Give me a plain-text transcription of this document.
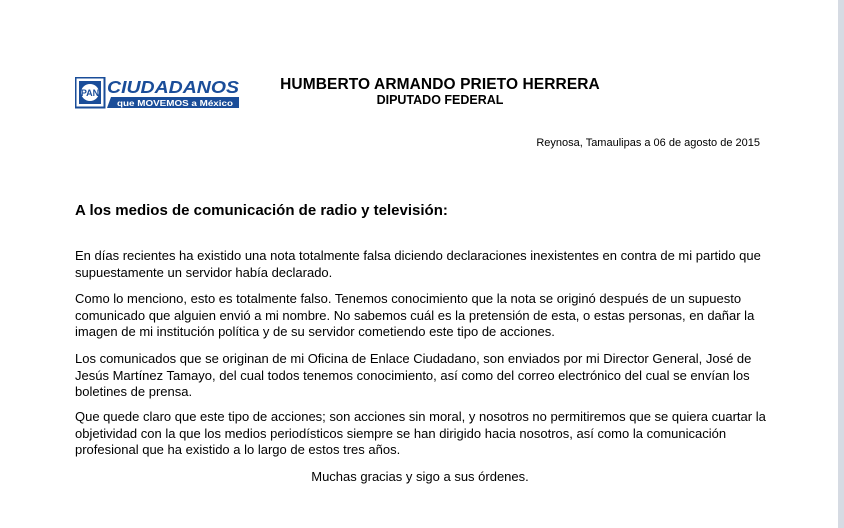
PAN CIUDADANOS
que MOVEMOS a México
HUMBERTO ARMANDO PRIETO HERRERA
DIPUTADO FEDERAL
Reynosa, Tamaulipas a 06 de agosto de 2015
A los medios de comunicación de radio y televisión:

En días recientes ha existido una nota totalmente falsa diciendo declaraciones inexistentes en contra de mi partido que supuestamente un servidor había declarado.

Como lo menciono, esto es totalmente falso. Tenemos conocimiento que la nota se originó después de un supuesto comunicado que alguien envió a mi nombre. No sabemos cuál es la pretensión de esta, o estas personas, en dañar la imagen de mi institución política y de su servidor cometiendo este tipo de acciones.

Los comunicados que se originan de mi Oficina de Enlace Ciudadano, son enviados por mi Director General, José de Jesús Martínez Tamayo, del cual todos tenemos conocimiento, así como del correo electrónico del cual se envían los boletines de prensa.

Que quede claro que este tipo de acciones; son acciones sin moral, y nosotros no permitiremos que se quiera cuartar la objetividad con la que los medios periodísticos siempre se han dirigido hacia nosotros, así como la comunicación profesional que ha existido a lo largo de estos tres años.

Muchas gracias y sigo a sus órdenes.
